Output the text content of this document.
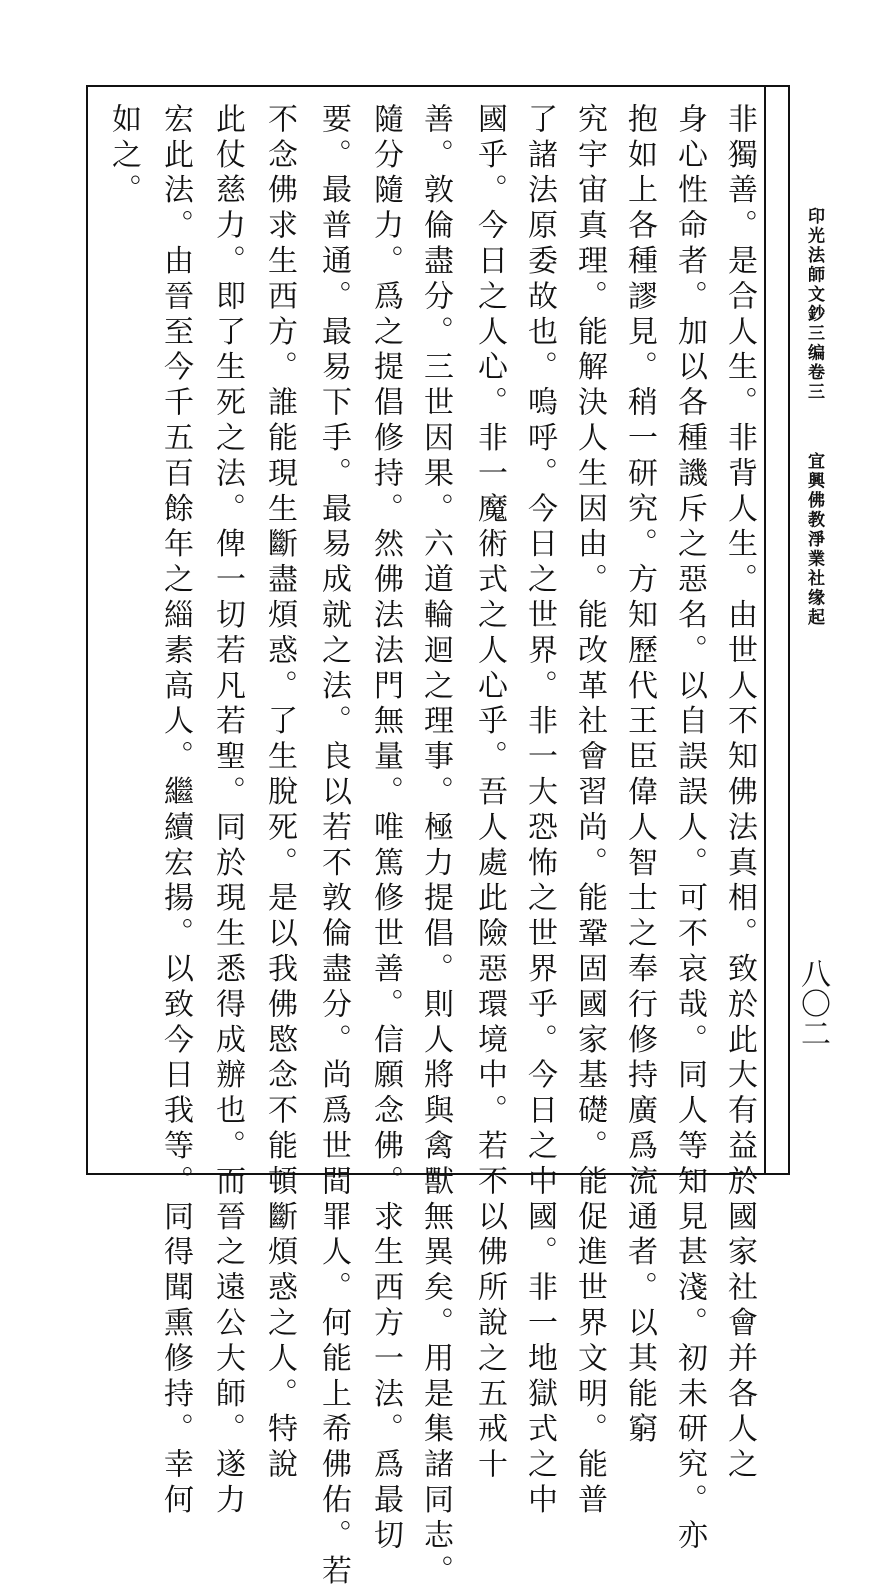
印光法師文鈔三编卷三
宜興佛教淨業社缘起
八〇二
非獨善。是合人生。非背人生。由世人不知佛法真相。致於此大有益於國家社會并各人之
身心性命者。加以各種譏斥之惡名。以自誤誤人。可不哀哉。同人等知見甚淺。初未研究。亦
抱如上各種謬見。稍一研究。方知歷代王臣偉人智士之奉行修持廣爲流通者。以其能窮
究宇宙真理。能解決人生因由。能改革社會習尚。能鞏固國家基礎。能促進世界文明。能普
了諸法原委故也。嗚呼。今日之世界。非一大恐怖之世界乎。今日之中國。非一地獄式之中
國乎。今日之人心。非一魔術式之人心乎。吾人處此險惡環境中。若不以佛所說之五戒十
善。敦倫盡分。三世因果。六道輪迴之理事。極力提倡。則人將與禽獸無異矣。用是集諸同志。
隨分隨力。爲之提倡修持。然佛法法門無量。唯篤修世善。信願念佛。求生西方一法。爲最切
要。最普通。最易下手。最易成就之法。良以若不敦倫盡分。尚爲世間罪人。何能上希佛佑。若
不念佛求生西方。誰能現生斷盡煩惑。了生脫死。是以我佛愍念不能頓斷煩惑之人。特說
此仗慈力。即了生死之法。俾一切若凡若聖。同於現生悉得成辦也。而晉之遠公大師。遂力
宏此法。由晉至今千五百餘年之緇素高人。繼續宏揚。以致今日我等。同得聞熏修持。幸何
如之。
